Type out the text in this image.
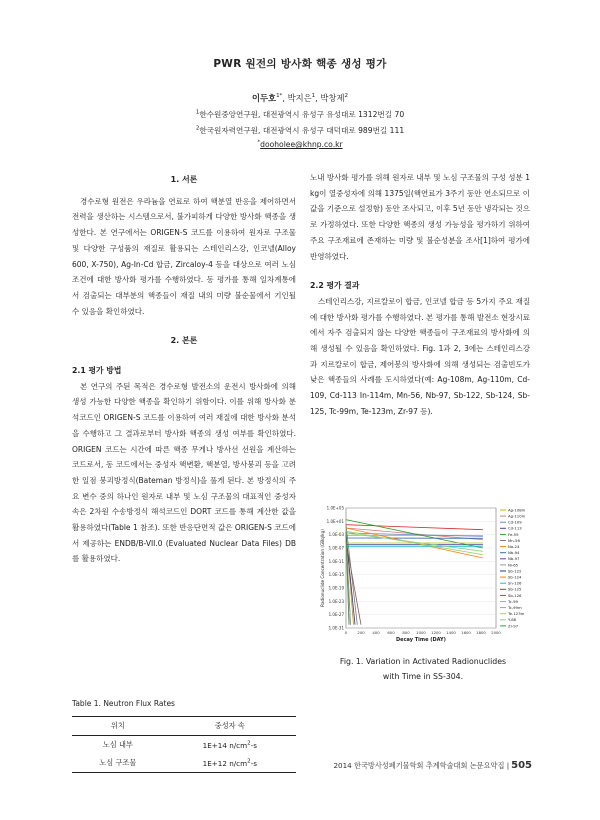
PWR 원전의 방사화 핵종 생성 평가
이두호$^{1*}$, 박지은$^1$, 박창제$^2$
$^1$한수원중앙연구원, 대전광역시 유성구 유성대로 1312번길 70
$^2$한국원자력연구원, 대전광역시 유성구 대덕대로 989번길 111
*dooholee@khnp.co.kr
1. 서론

경수로형 원전은 우라늄을 연료로 하여 핵분열 반응을 제어하면서 전력을 생산하는 시스템으로서, 불가피하게 다양한 방사화 핵종을 생성한다. 본 연구에서는 ORIGEN-S 코드를 이용하여 원자로 구조물 및 다양한 구성품의 재질로 활용되는 스테인리스강, 인코넬(Alloy 600, X-750), Ag-In-Cd 합금, Zircaloy-4 등을 대상으로 여러 노심조건에 대한 방사화 평가를 수행하였다. 동 평가를 통해 일차계통에서 검출되는 대부분의 핵종들이 재질 내의 미량 불순물에서 기인될 수 있음을 확인하였다.

2. 본론
2.1 평가 방법

본 연구의 주된 목적은 경수로형 발전소의 운전시 방사화에 의해 생성 가능한 다양한 핵종을 확인하기 위함이다. 이를 위해 방사화 분석코드인 ORIGEN-S 코드를 이용하여 여러 재질에 대한 방사화 분석을 수행하고 그 결과로부터 방사화 핵종의 생성 여부를 확인하였다. ORIGEN 코드는 시간에 따른 핵종 무게나 방사선 선원을 계산하는 코드로서, 동 코드에서는 중성자 핵변환, 핵분열, 방사붕괴 등을 고려한 일점 붕괴방정식(Bateman 방정식)을 풀게 된다. 본 방정식의 주요 변수 중의 하나인 원자로 내부 및 노심 구조물의 대표적인 중성자속은 2차원 수송방정식 해석코드인 DORT 코드를 통해 계산한 값을 활용하였다(Table 1 참조). 또한 반응단면적 값은 ORIGEN-S 코드에서 제공하는 ENDB/B-VII.0 (Evaluated Nuclear Data Files) DB를 활용하였다.

Table 1. Neutron Flux Rates
위치	중성자 속
노심 내부	1E+14 $n/cm^2-s$
노심 구조물	1E+12 $n/cm^2-s$

노내 방사화 평가를 위해 원자로 내부 및 노심 구조물의 구성 성분 1 kg이 열중성자에 의해 1375일(핵연료가 3주기 동안 연소되므로 이 값을 기준으로 설정함) 동안 조사되고, 이후 5년 동안 냉각되는 것으로 가정하였다. 또한 다양한 핵종의 생성 가능성을 평가하기 위하여 주요 구조재료에 존재하는 미량 및 불순성분을 조사[1]하여 평가에 반영하였다.

2.2 평가 결과

스테인리스강, 지르칼로이 합금, 인코넬 합금 등 5가지 주요 재질에 대한 방사화 평가를 수행하였다. 본 평가를 통해 발전소 현장시료에서 자주 검출되지 않는 다양한 핵종들이 구조재료의 방사화에 의해 생성될 수 있음을 확인하였다. Fig. 1과 2, 3에는 스테인리스강과 지르칼로이 합금, 제어봉의 방사화에 의해 생성되는 검출빈도가 낮은 핵종들의 사례를 도시하였다(예: Ag-108m, Ag-110m, Cd-109, Cd-113 In-114m, Mn-56, Nb-97, Sb-122, Sb-124, Sb-125, Tc-99m, Te-123m, Zr-97 등).

1.0E+05
1.0E+01
1.0E-03
1.0E-07
1.0E-11
1.0E-15
1.0E-19
1.0E-23
1.0E-27
1.0E-31
0	200 400 600 800 1000 1200 1400 1600 1800 2000
Ag-108m
Ag-110m
Cd-109
Cd-113
Fe-59
Mn-56
Na-24
Nb-94
Nb-97
Ni-65
Sb-122
Sb-124
Sn-126
Sb-125
Sb-126
Tc-99
Tc-99m
Te-123m
Y-88
Zr-97
Decay Time (DAY)
Radionuclide Concentration (GBq/kg)
Fig. 1. Variation in Activated Radionuclides
with Time in SS-304.
2014 한국방사성폐기물학회 추계학술대회 논문요약집 | 505
